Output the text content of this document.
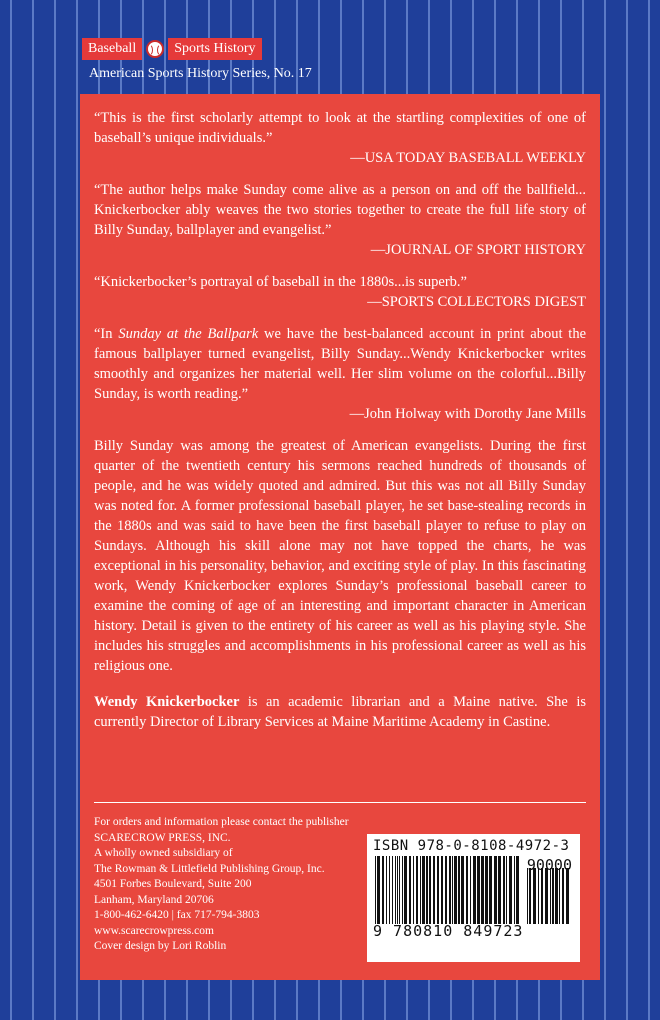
Baseball	Sports History
American Sports History Series, No. 17

“This is the first scholarly attempt to look at the startling complexities of one of baseball’s unique individuals.”

—USA TODAY BASEBALL WEEKLY

“The author helps make Sunday come alive as a person on and off the ballfield... Knickerbocker ably weaves the two stories together to create the full life story of Billy Sunday, ballplayer and evangelist.”

—JOURNAL OF SPORT HISTORY

“Knickerbocker’s portrayal of baseball in the 1880s...is superb.”

—SPORTS COLLECTORS DIGEST

“In Sunday at the Ballpark we have the best-balanced account in print about the famous ballplayer turned evangelist, Billy Sunday...Wendy Knickerbocker writes smoothly and organizes her material well. Her slim volume on the colorful...Billy Sunday, is worth reading.”

—John Holway with Dorothy Jane Mills

Billy Sunday was among the greatest of American evangelists. During the first quarter of the twentieth century his sermons reached hundreds of thousands of people, and he was widely quoted and admired. But this was not all Billy Sunday was noted for. A former professional baseball player, he set base-stealing records in the 1880s and was said to have been the first baseball player to refuse to play on Sundays. Although his skill alone may not have topped the charts, he was exceptional in his personality, behavior, and exciting style of play. In this fascinating work, Wendy Knickerbocker explores Sunday’s professional baseball career to examine the coming of age of an interesting and important character in American history. Detail is given to the entirety of his career as well as his playing style. She includes his struggles and accomplishments in his professional career as well as his religious one.

Wendy Knickerbocker is an academic librarian and a Maine native. She is currently Director of Library Services at Maine Maritime Academy in Castine.

For orders and information please contact the publisher
SCARECROW PRESS, INC.
A wholly owned subsidiary of
The Rowman & Littlefield Publishing Group, Inc.
4501 Forbes Boulevard, Suite 200
Lanham, Maryland 20706
1-800-462-6420 | fax 717-794-3803
www.scarecrowpress.com
Cover design by Lori Roblin
ISBN 978-0-8108-4972-3
90000
9 780810 849723
